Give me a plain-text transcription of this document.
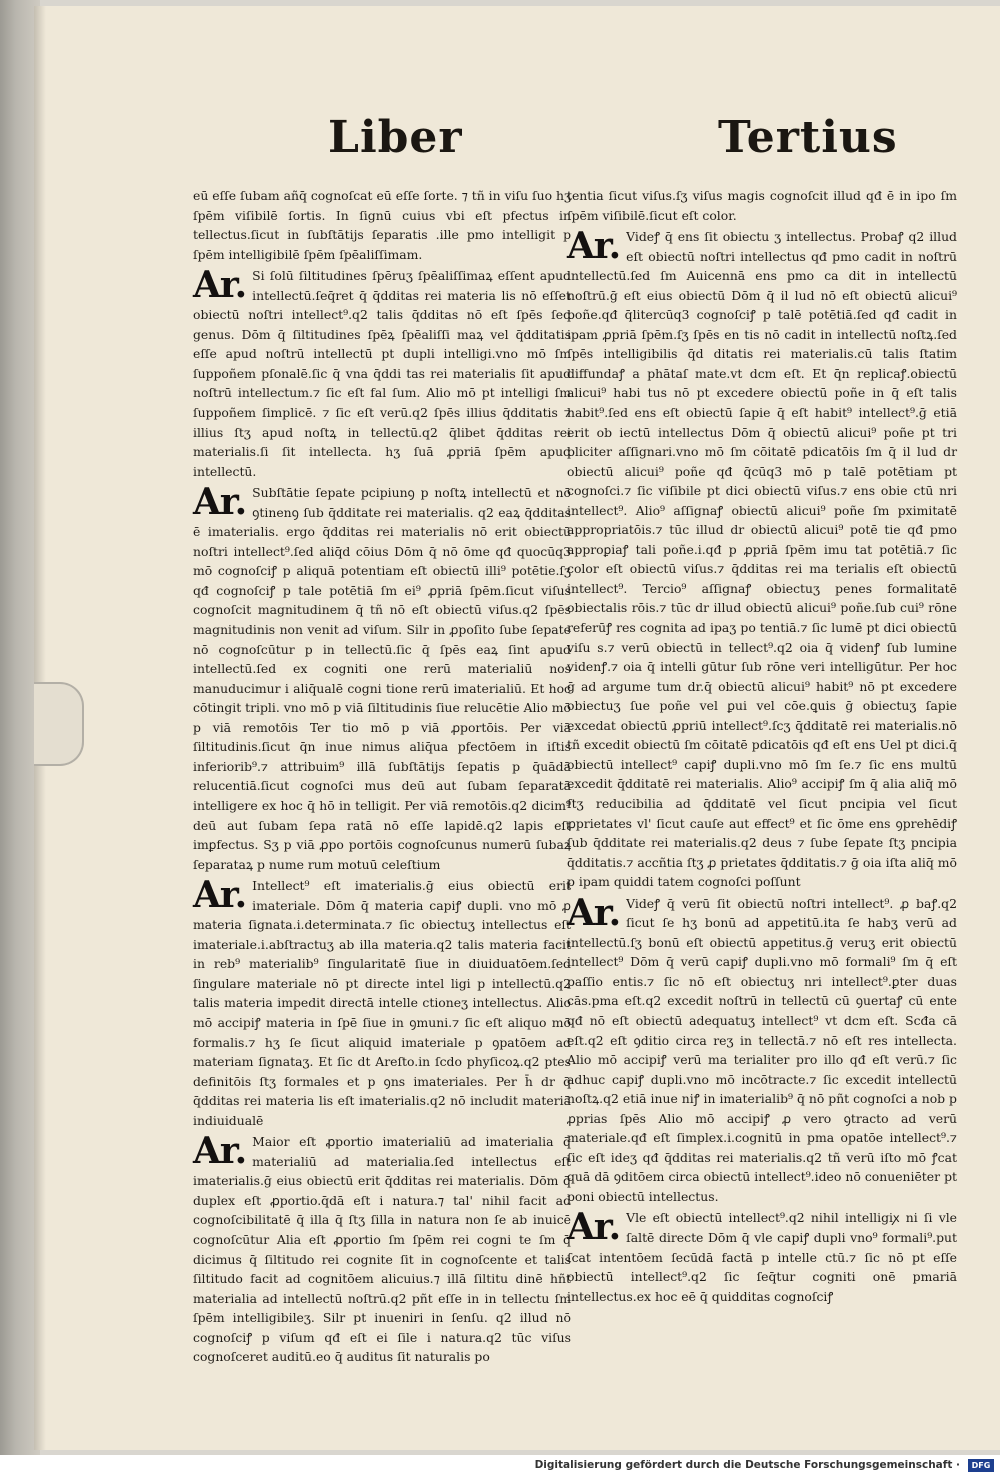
Liber	Tertius

eū eſſe ſubam añq̄ cognoſcat eū eſſe ſorte. ⁊ tñ in viſu ſuo hʒ ſpēm viſibilē ſortis. In ſignū cuius vbi eſt pfectus in tellectus.ſicut in ſubſtātijs ſeparatis .ille pmo intelligit p ſpēm intelligibilē ſpēm ſpēaliſſimam.

Ar. Si ſolū ſiltitudines ſpēruʒ ſpēaliſſimaꝝ eſſent apud intellectū.ſeq̄ret q̄ q̄dditas rei materia lis nō eſſet obiectū noſtri intellect⁹.q2 talis q̄dditas nō eſt ſpēs ſed genus. Dōm q̄ ſiltitudines ſpēꝝ ſpēaliſſi maꝝ vel q̄dditatis eſſe apud noſtrū intellectū pt dupli intelligi.vno mō ſm ſuppoñem pſonalē.ſic q̄ vna q̄ddi tas rei materialis ſit apud noſtrū intellectum.⁊ ſic eſt fal ſum. Alio mō pt intelligi ſm ſuppoñem ſimplicē. ⁊ ſic eſt verū.q2 ſpēs illius q̄dditatis ⁊ illius ſtʒ apud noſtꝝ in tellectū.q2 q̄libet q̄dditas rei materialis.ſi ſit intellecta. hʒ ſuā ꝓpriā ſpēm apud intellectū.

Ar. Subſtātie ſepate pcipiunꝯ p noſtꝝ intellectū et nō ꝯtinenꝯ ſub q̄dditate rei materialis. q2 eaꝝ q̄dditas ē imaterialis. ergo q̄dditas rei materialis nō erit obiectū noſtri intellect⁹.ſed aliq̄d cōius Dōm q̄ nō ōme qđ quocūq3 mō cognoſciꝭ p aliquā potentiam eſt obiectū illi⁹ potētie.ſʒ qđ cognoſciꝭ p tale potētiā ſm ei⁹ ꝓpriā ſpēm.ſicut viſus cognoſcit magnitudinem q̄ tñ nō eſt obiectū viſus.q2 ſpēs magnitudinis non venit ad viſum. Silr in ꝓpoſito ſube ſepate nō cognoſcūtur p in tellectū.ſic q̄ ſpēs eaꝝ ſint apud intellectū.ſed ex cogniti one rerū materialiū nos manuducimur i aliq̄ualē cogni tione rerū imaterialiū. Et hoc cōtingit tripli. vno mō p viā ſiltitudinis ſiue relucētie Alio mō p viā remotōis Ter tio mō p viā ꝓportōis. Per viā ſiltitudinis.ſicut q̄n inue nimus aliq̄ua pfectōem in iſtis inferiorib⁹.⁊ attribuim⁹ illā ſubſtātijs ſepatis p q̄uādā relucentiā.ſicut cognoſci mus deū aut ſubam ſeparatā intelligere ex hoc q̄ hō in telligit. Per viā remotōis.q2 dicim⁹ deū aut ſubam ſepa ratā nō eſſe lapidē.q2 lapis eſt imꝑfectus. Sʒ p viā ꝓpo portōis cognoſcunus numerū ſubaꝝ ſeparataꝝ p nume rum motuū celeſtium

Ar. Intellect⁹ eſt imaterialis.ḡ eius obiectū erit imateriale. Dōm q̄ materia capiꝭ dupli. vno mō ꝓ materia ſignata.i.determinata.⁊ ſic obiectuʒ intellectus eſt imateriale.i.abſtractuʒ ab illa materia.q2 talis materia facit in reb⁹ materialib⁹ ſingularitatē ſiue in diuiduatōem.ſed ſingulare materiale nō pt directe intel ligi p intellectū.q2 talis materia impedit directā intelle ctioneʒ intellectus. Alio mō accipiꝭ materia in ſpē ſiue in ꝯmuni.⁊ ſic eſt aliquo mō formalis.⁊ hʒ ſe ſicut aliquid imateriale p ꝯpatōem ad materiam ſignataʒ. Et ſic dt Areſto.in ſcdo phyſicoꝝ.q2 ptes definitōis ſtʒ formales et p ꝯns imateriales. Per h̄ dr q̄ q̄dditas rei materia lis eſt imaterialis.q2 nō includit materiā indiuidualē

Ar. Maior eſt ꝓportio imaterialiū ad imaterialia q̄ materialiū ad materialia.ſed intellectus eſt imaterialis.ḡ eius obiectū erit q̄dditas rei materialis. Dōm q̄ duplex eſt ꝓportio.q̄dā eſt i natura.⁊ tal' nihil facit ad cognoſcibilitatē q̄ illa q̄ ſtʒ ſilla in natura non ſe ab inuicē cognoſcūtur Alia eſt ꝓportio ſm ſpēm rei cogni te ſm q̄ dicimus q̄ ſiltitudo rei cognite ſit in cognoſcente et talis ſiltitudo facit ad cognitōem alicuius.⁊ illā ſiltitu dinē hñt materialia ad intellectū noſtrū.q2 pñt eſſe in in tellectu ſm ſpēm intelligibileʒ. Silr pt inueniri in ſenſu. q2 illud nō cognoſciꝭ p viſum qđ eſt ei ſile i natura.q2 tūc viſus cognoſceret auditū.eo q̄ auditus ſit naturalis po

tentia ſicut viſus.ſʒ viſus magis cognoſcit illud qđ ē in ipo ſm ſpēm viſibilē.ſicut eſt color.

Ar. Videꝭ q̄ ens ſit obiectu ʒ intellectus. Probaꝭ q2 illud eſt obiectū noſtri intellectus qđ pmo cadit in noſtrū intellectū.ſed ſm Auicennā ens pmo ca dit in intellectū noſtrū.ḡ eſt eius obiectū Dōm q̄ il lud nō eſt obiectū alicui⁹ poñe.qđ q̄litercūq3 cognoſciꝭ p talē potētiā.ſed qđ cadit in ipam ꝓpriā ſpēm.ſʒ ſpēs en tis nō cadit in intellectū noſtꝝ.ſed ſpēs intelligibilis q̄d ditatis rei materialis.cū talis ſtatim diffundaꝭ a phātaſ mate.vt dcm eſt. Et q̄n replicaꝭ.obiectū alicui⁹ habi tus nō pt excedere obiectū poñe in q̄ eſt talis habit⁹.ſed ens eſt obiectū ſapie q̄ eſt habit⁹ intellect⁹.ḡ etiā erit ob iectū intellectus Dōm q̄ obiectū alicui⁹ poñe pt tri pliciter aſſignari.vno mō ſm cōitatē pdicatōis ſm q̄ il lud dr obiectū alicui⁹ poñe qđ q̄cūq3 mō p talē potētiam pt cognoſci.⁊ ſic viſibile pt dici obiectū viſus.⁊ ens obie ctū nri intellect⁹. Alio⁹ aſſignaꝭ obiectū alicui⁹ poñe ſm pximitatē appropriatōis.⁊ tūc illud dr obiectū alicui⁹ potē tie qđ pmo approꝑiaꝭ tali poñe.i.qđ p ꝓpriā ſpēm imu tat potētiā.⁊ ſic color eſt obiectū viſus.⁊ q̄dditas rei ma terialis eſt obiectū intellect⁹. Tercio⁹ aſſignaꝭ obiectuʒ penes formalitatē obiectalis rōis.⁊ tūc dr illud obiectū alicui⁹ poñe.ſub cui⁹ rōne referūꝭ res cognita ad ipaʒ po tentiā.⁊ ſic lumē pt dici obiectū viſu s.⁊ verū obiectū in tellect⁹.q2 oia q̄ videnꝭ ſub lumine videnꝭ.⁊ oia q̄ intelli gūtur ſub rōne veri intelligūtur. Per hoc ḡ ad argume tum dr.q̄ obiectū alicui⁹ habit⁹ nō pt excedere obiectuʒ ſue poñe vel ꝑui vel cōe.ꝗuis ḡ obiectuʒ ſapie excedat obiectū ꝓpriū intellect⁹.ſcʒ q̄dditatē rei materialis.nō tñ excedit obiectū ſm cōitatē pdicatōis qđ eſt ens Uel pt dici.q̄ obiectū intellect⁹ capiꝭ dupli.vno mō ſm ſe.⁊ ſic ens multū excedit q̄dditatē rei materialis. Alio⁹ accipiꝭ ſm q̄ alia aliq̄ mō ſtʒ reducibilia ad q̄dditatē vel ſicut pncipia vel ſicut ꝓprietates vl' ſicut cauſe aut effect⁹ et ſic ōme ens ꝯprehēdiꝭ ſub q̄dditate rei materialis.q2 deus ⁊ ſube ſepate ſtʒ pncipia q̄dditatis.⁊ accñtia ſtʒ ꝓ prietates q̄dditatis.⁊ ḡ oia iſta aliq̄ mō p ipam quiddi tatem cognoſci poſſunt

Ar. Videꝭ q̄ verū ſit obiectū noſtri intellect⁹. ꝓ baꝭ.q2 ſicut ſe hʒ bonū ad appetitū.ita ſe habʒ verū ad intellectū.ſʒ bonū eſt obiectū appetitus.ḡ veruʒ erit obiectū intellect⁹ Dōm q̄ verū capiꝭ dupli.vno mō formali⁹ ſm q̄ eſt paſſio entis.⁊ ſic nō eſt obiectuʒ nri intellect⁹.ꝑter duas cās.pma eſt.q2 excedit noſtrū in tellectū cū ꝯuertaꝭ cū ente qđ nō eſt obiectū adequatuʒ intellect⁹ vt dcm eſt. Scđa cā eſt.q2 eſt ꝯditio circa reʒ in tellectā.⁊ nō eſt res intellecta. Alio mō accipiꝭ verū ma terialiter pro illo qđ eſt verū.⁊ ſic adhuc capiꝭ dupli.vno mō incōtracte.⁊ ſic excedit intellectū noſtꝝ.q2 etiā inue niꝭ in imaterialib⁹ q̄ nō pñt cognoſci a nob p ꝓprias ſpēs Alio mō accipiꝭ ꝓ vero ꝯtracto ad verū materiale.qđ eſt ſimplex.i.cognitū in pma opatōe intellect⁹.⁊ ſic eſt ideʒ qđ q̄dditas rei materialis.q2 tñ verū iſto mō ꝭcat quā dā ꝯditōem circa obiectū intellect⁹.ideo nō conueniēter pt poni obiectū intellectus.

Ar. Vle eſt obiectū intellect⁹.q2 nihil intelligiꭗ ni ſi vle ſaltē directe Dōm q̄ vle capiꝭ dupli vno⁹ formali⁹.put ſcat intentōem ſecūdā factā p intelle ctū.⁊ ſic nō pt eſſe obiectū intellect⁹.q2 ſic ſeq̄tur cogniti onē pmariā intellectus.ex hoc eē q̄ quidditas cognoſciꝭ

Digitalisierung gefördert durch die Deutsche Forschungsgemeinschaft ·	DFG
